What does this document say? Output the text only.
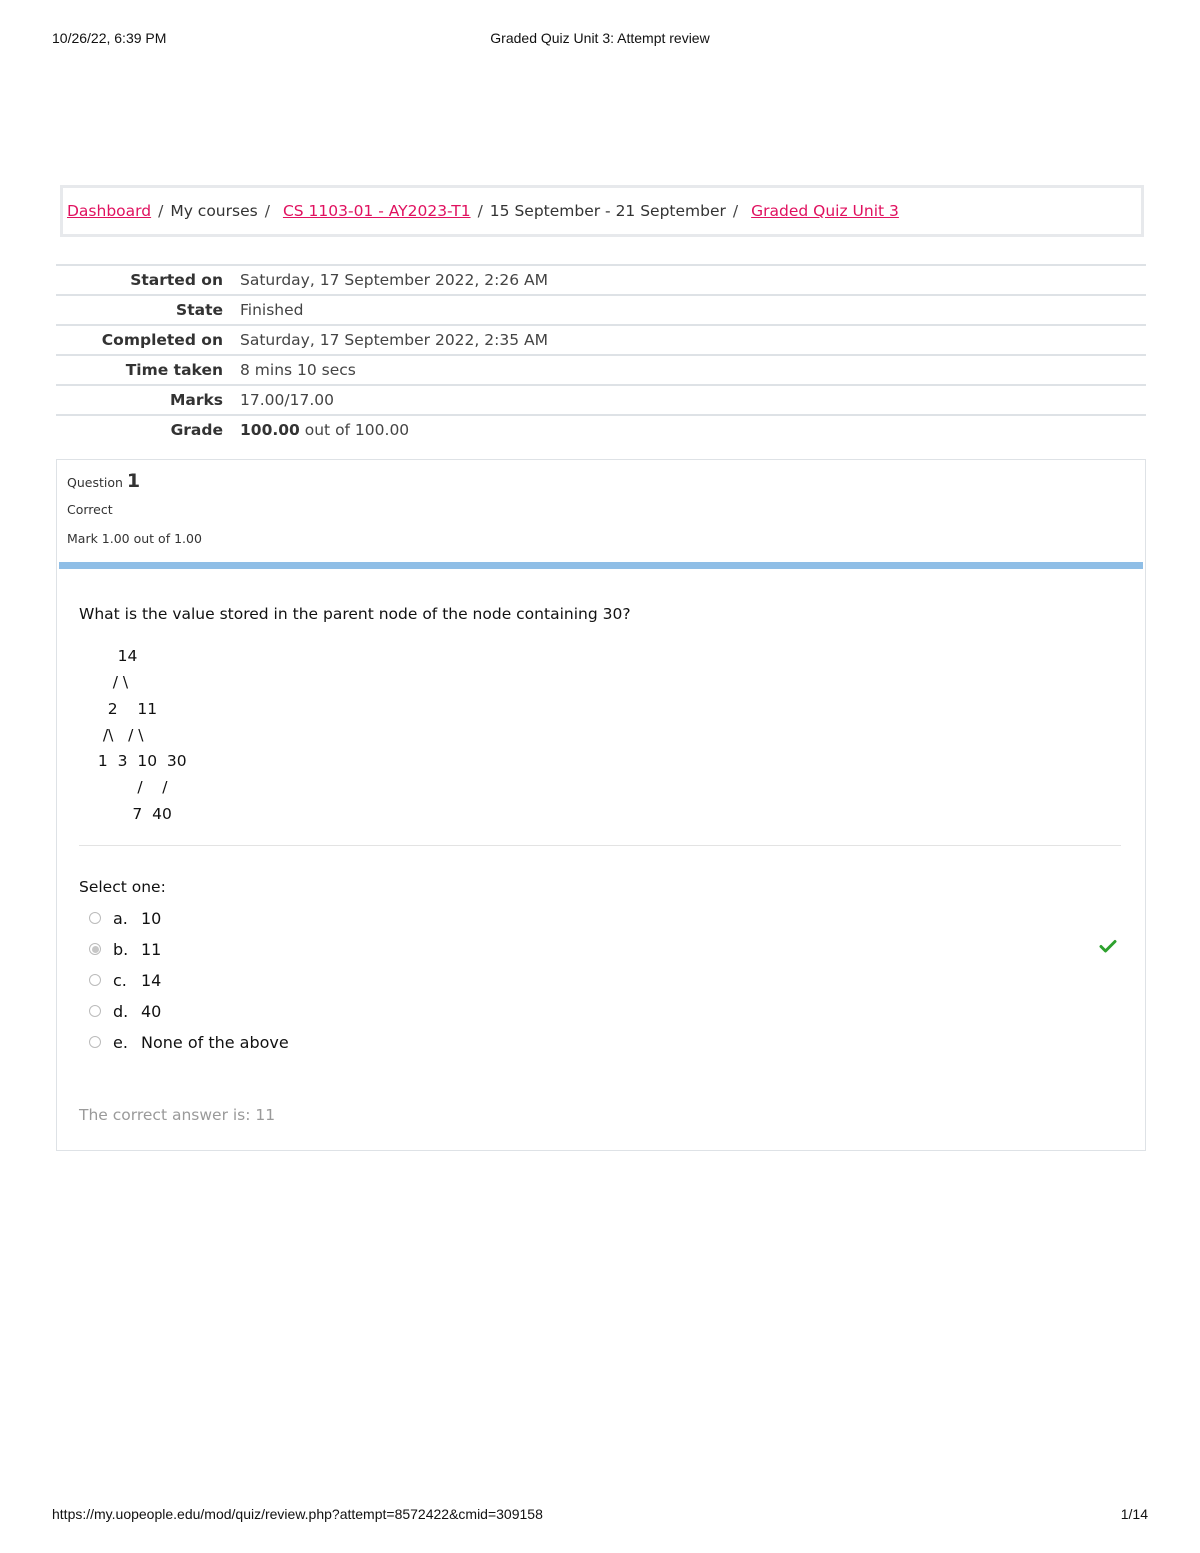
10/26/22, 6:39 PM	Graded Quiz Unit 3: Attempt review
Dashboard / My courses / CS 1103-01 - AY2023-T1 / 15 September - 21 September / Graded Quiz Unit 3
Started on Saturday, 17 September 2022, 2:26 AM
State Finished
Completed on Saturday, 17 September 2022, 2:35 AM
Time taken 8 mins 10 secs
Marks 17.00/17.00
Grade 100.00 out of 100.00
Question 1
Correct
Mark 1.00 out of 1.00
What is the value stored in the parent node of the node containing 30?
14
/ \
2    11
/\   / \
1  3  10  30
/    /
7  40
Select one:
a. 10
b. 11
c. 14
d. 40
e. None of the above
The correct answer is: 11
https://my.uopeople.edu/mod/quiz/review.php?attempt=8572422&cmid=309158	1/14
